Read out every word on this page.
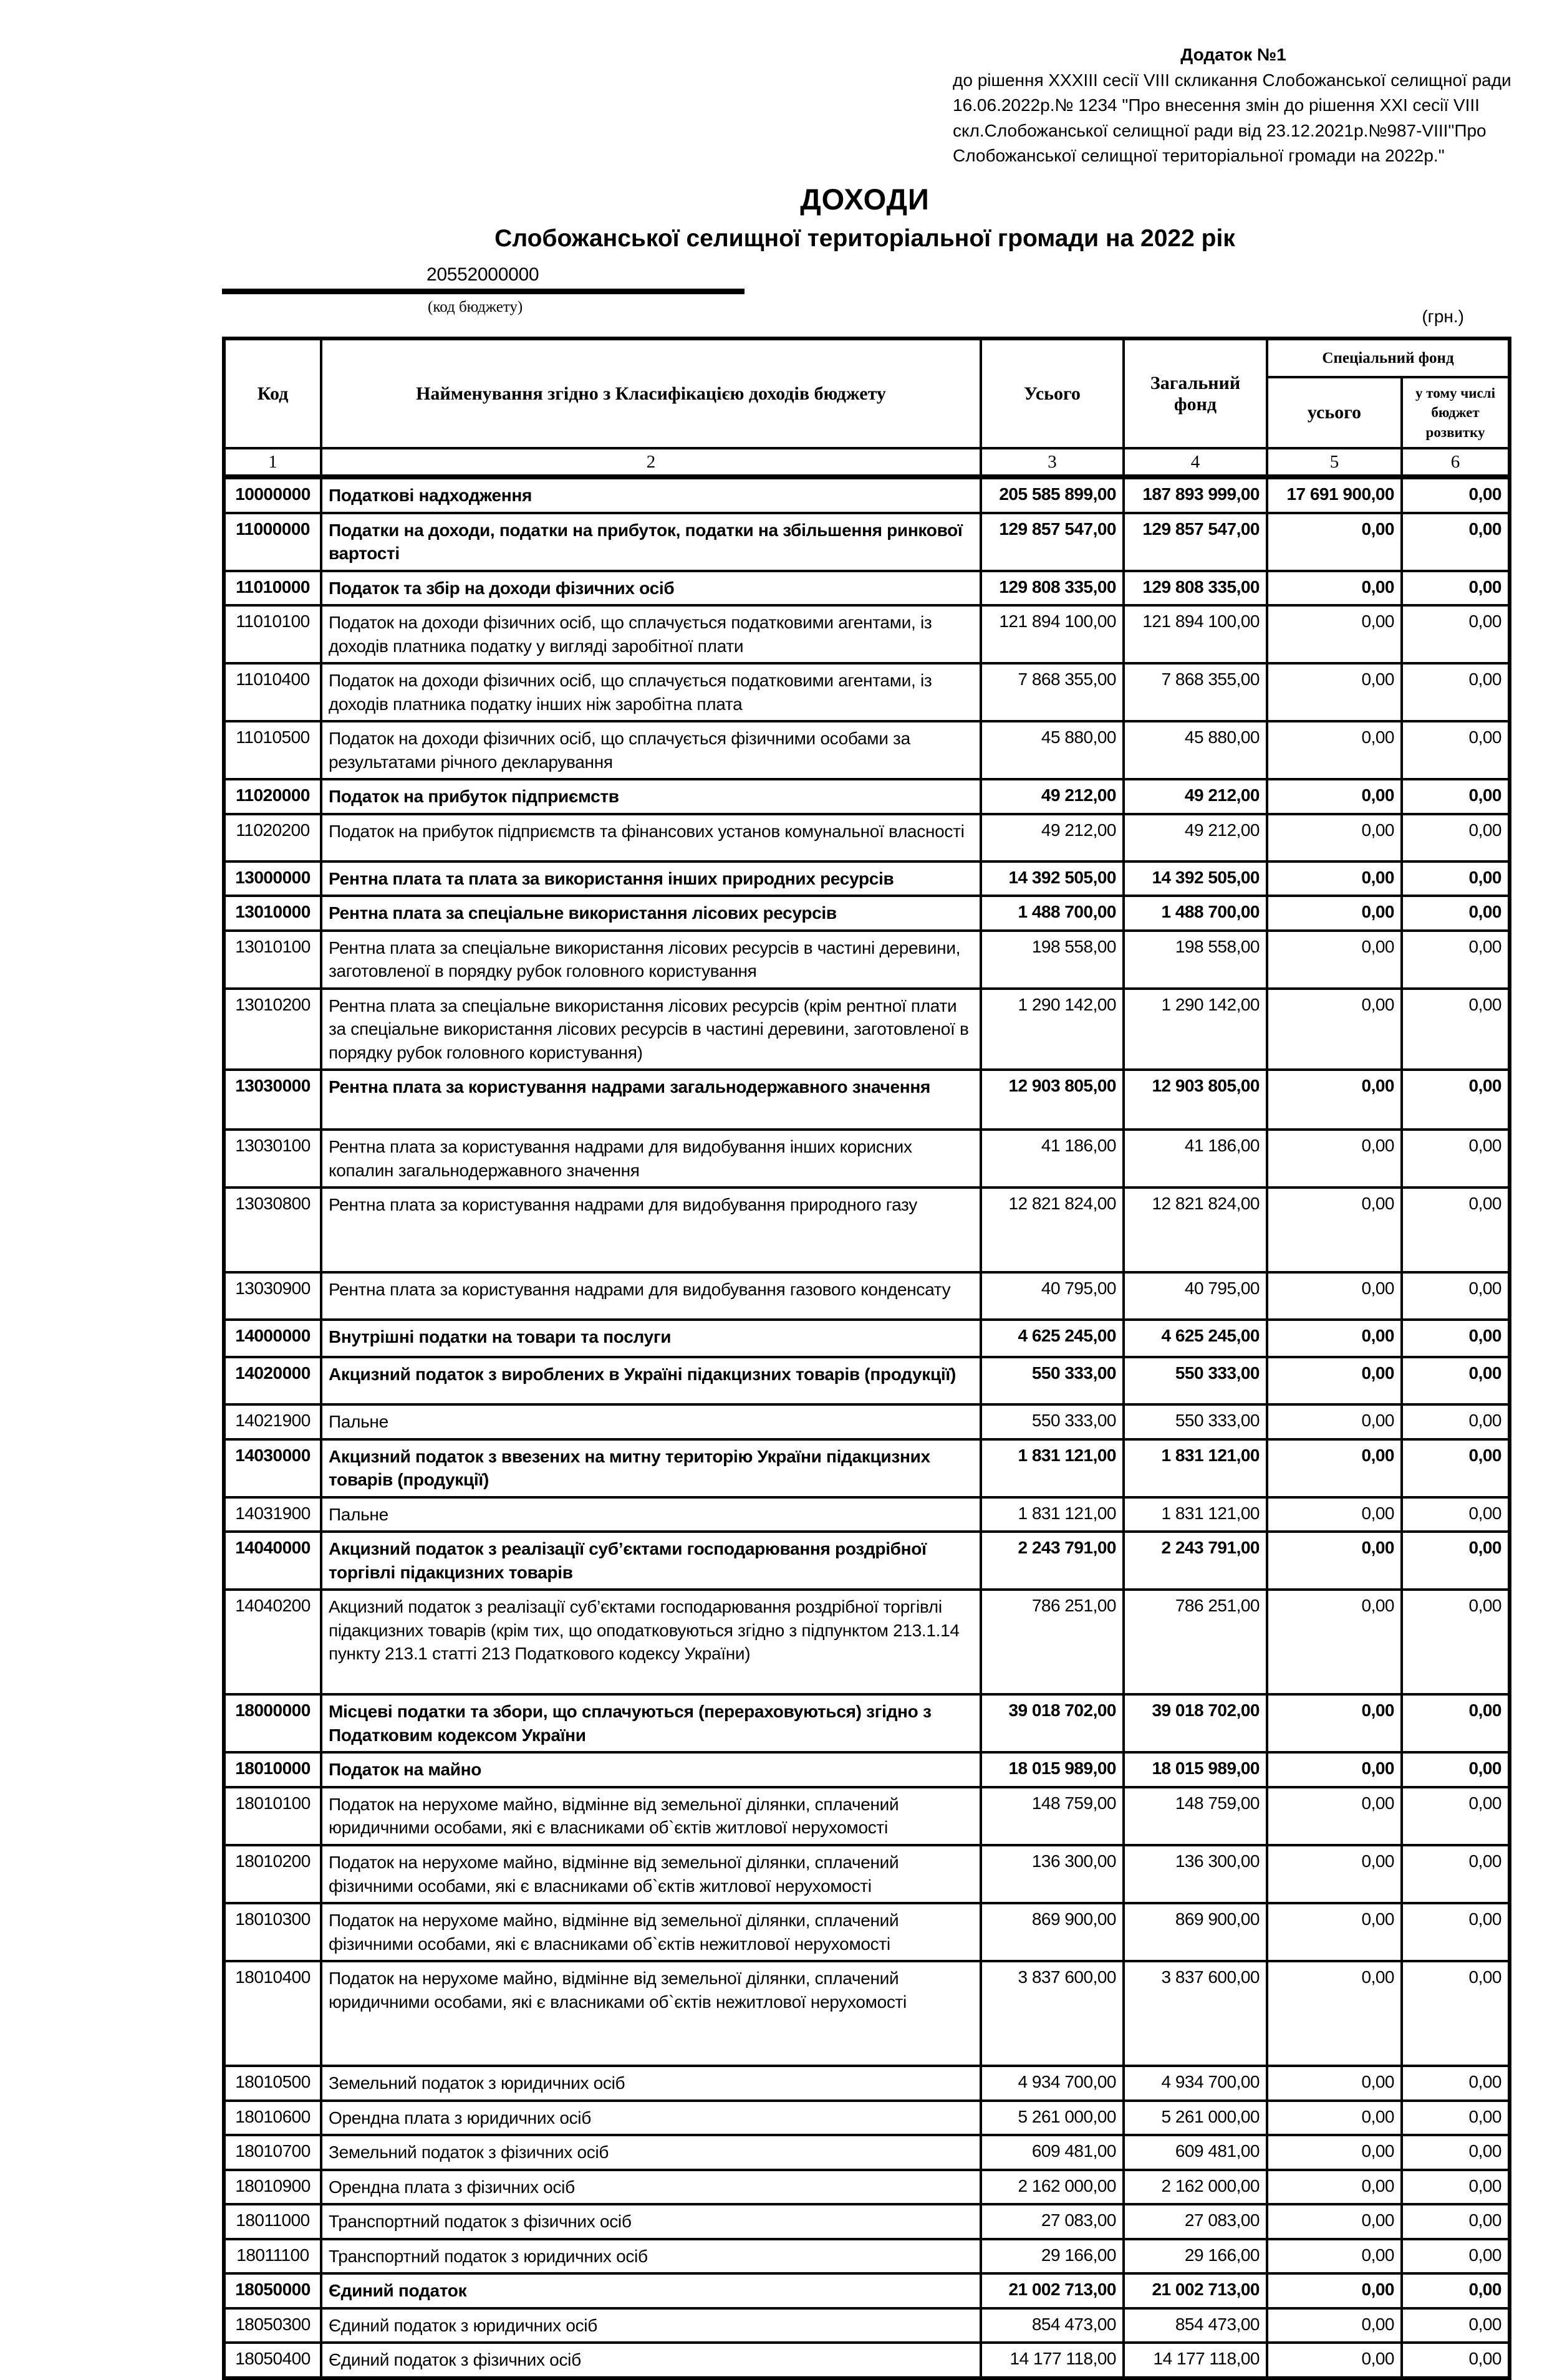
Додаток №1
до рішення XXXIII сесії VIII скликання Слобожанської селищної ради
16.06.2022р.№ 1234 "Про внесення змін до рішення XXI сесії VIII
скл.Слобожанської селищної ради від 23.12.2021р.№987-VIII"Про
Слобожанської селищної територіальної громади на 2022р."
ДОХОДИ
Слобожанської селищної територіальної громади на 2022 рік
20552000000
(код бюджету)	(грн.)
Код	Найменування згідно з Класифікацією доходів бюджету	Усього	Загальний фонд	Спеціальний фонд	
				усього	у тому числі бюджет розвитку
1	2	3	4	5	6
10000000	Податкові надходження	205 585 899,00	187 893 999,00	17 691 900,00	0,00
11000000	Податки на доходи, податки на прибуток, податки на збільшення ринкової вартості	129 857 547,00	129 857 547,00	0,00	0,00
11010000	Податок та збір на доходи фізичних осіб	129 808 335,00	129 808 335,00	0,00	0,00
11010100	Податок на доходи фізичних осіб, що сплачується податковими агентами, із доходів платника податку у вигляді заробітної плати	121 894 100,00	121 894 100,00	0,00	0,00
11010400	Податок на доходи фізичних осіб, що сплачується податковими агентами, із доходів платника податку інших ніж заробітна плата	7 868 355,00	7 868 355,00	0,00	0,00
11010500	Податок на доходи фізичних осіб, що сплачується фізичними особами за результатами річного декларування	45 880,00	45 880,00	0,00	0,00
11020000	Податок на прибуток підприємств	49 212,00	49 212,00	0,00	0,00
11020200	Податок на прибуток підприємств та фінансових установ комунальної власності	49 212,00	49 212,00	0,00	0,00
13000000	Рентна плата та плата за використання інших природних ресурсів	14 392 505,00	14 392 505,00	0,00	0,00
13010000	Рентна плата за спеціальне використання лісових ресурсів	1 488 700,00	1 488 700,00	0,00	0,00
13010100	Рентна плата за спеціальне використання лісових ресурсів в частині деревини, заготовленої в порядку рубок головного користування	198 558,00	198 558,00	0,00	0,00
13010200	Рентна плата за спеціальне використання лісових ресурсів (крім рентної плати за спеціальне використання лісових ресурсів в частині деревини, заготовленої в порядку рубок головного користування)	1 290 142,00	1 290 142,00	0,00	0,00
13030000	Рентна плата за користування надрами загальнодержавного значення	12 903 805,00	12 903 805,00	0,00	0,00
13030100	Рентна плата за користування надрами для видобування інших корисних копалин загальнодержавного значення	41 186,00	41 186,00	0,00	0,00
13030800	Рентна плата за користування надрами для видобування природного газу	12 821 824,00	12 821 824,00	0,00	0,00
13030900	Рентна плата за користування надрами для видобування газового конденсату	40 795,00	40 795,00	0,00	0,00
14000000	Внутрішні податки на товари та послуги	4 625 245,00	4 625 245,00	0,00	0,00
14020000	Акцизний податок з вироблених в Україні підакцизних товарів (продукції)	550 333,00	550 333,00	0,00	0,00
14021900	Пальне	550 333,00	550 333,00	0,00	0,00
14030000	Акцизний податок з ввезених на митну територію України підакцизних товарів (продукції)	1 831 121,00	1 831 121,00	0,00	0,00
14031900	Пальне	1 831 121,00	1 831 121,00	0,00	0,00
14040000	Акцизний податок з реалізації суб’єктами господарювання роздрібної торгівлі підакцизних товарів	2 243 791,00	2 243 791,00	0,00	0,00
14040200	Акцизний податок з реалізації суб’єктами господарювання роздрібної торгівлі підакцизних товарів (крім тих, що оподатковуються згідно з підпунктом 213.1.14 пункту 213.1 статті 213 Податкового кодексу України)	786 251,00	786 251,00	0,00	0,00
18000000	Місцеві податки та збори, що сплачуються (перераховуються) згідно з Податковим кодексом України	39 018 702,00	39 018 702,00	0,00	0,00
18010000	Податок на майно	18 015 989,00	18 015 989,00	0,00	0,00
18010100	Податок на нерухоме майно, відмінне від земельної ділянки, сплачений юридичними особами, які є власниками об`єктів житлової нерухомості	148 759,00	148 759,00	0,00	0,00
18010200	Податок на нерухоме майно, відмінне від земельної ділянки, сплачений фізичними особами, які є власниками об`єктів житлової нерухомості	136 300,00	136 300,00	0,00	0,00
18010300	Податок на нерухоме майно, відмінне від земельної ділянки, сплачений фізичними особами, які є власниками об`єктів нежитлової нерухомості	869 900,00	869 900,00	0,00	0,00
18010400	Податок на нерухоме майно, відмінне від земельної ділянки, сплачений юридичними особами, які є власниками об`єктів нежитлової нерухомості	3 837 600,00	3 837 600,00	0,00	0,00
18010500	Земельний податок з юридичних осіб	4 934 700,00	4 934 700,00	0,00	0,00
18010600	Орендна плата з юридичних осіб	5 261 000,00	5 261 000,00	0,00	0,00
18010700	Земельний податок з фізичних осіб	609 481,00	609 481,00	0,00	0,00
18010900	Орендна плата з фізичних осіб	2 162 000,00	2 162 000,00	0,00	0,00
18011000	Транспортний податок з фізичних осіб	27 083,00	27 083,00	0,00	0,00
18011100	Транспортний податок з юридичних осіб	29 166,00	29 166,00	0,00	0,00
18050000	Єдиний податок	21 002 713,00	21 002 713,00	0,00	0,00
18050300	Єдиний податок з юридичних осіб	854 473,00	854 473,00	0,00	0,00
18050400	Єдиний податок з фізичних осіб	14 177 118,00	14 177 118,00	0,00	0,00
